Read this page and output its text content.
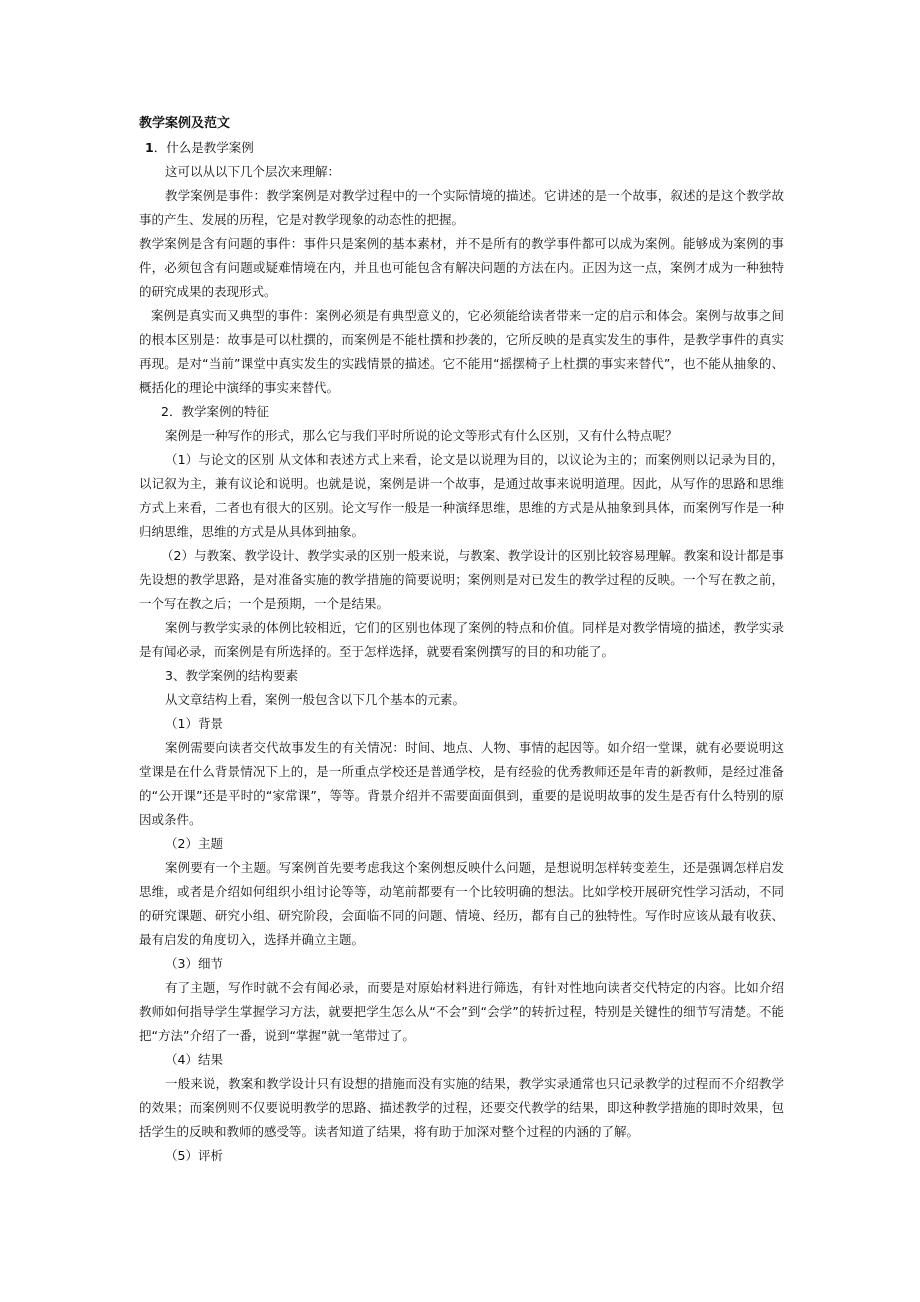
教学案例及范文
1．什么是教学案例
这可以从以下几个层次来理解：
教学案例是事件：教学案例是对教学过程中的一个实际情境的描述。它讲述的是一个故事，叙述的是这个教学故事的产生、发展的历程，它是对教学现象的动态性的把握。
教学案例是含有问题的事件：事件只是案例的基本素材，并不是所有的教学事件都可以成为案例。能够成为案例的事件，必须包含有问题或疑难情境在内，并且也可能包含有解决问题的方法在内。正因为这一点，案例才成为一种独特的研究成果的表现形式。
案例是真实而又典型的事件：案例必须是有典型意义的，它必须能给读者带来一定的启示和体会。案例与故事之间的根本区别是：故事是可以杜撰的，而案例是不能杜撰和抄袭的，它所反映的是真实发生的事件，是教学事件的真实再现。是对“当前”课堂中真实发生的实践情景的描述。它不能用“摇摆椅子上杜撰的事实来替代”，也不能从抽象的、概括化的理论中演绎的事实来替代。
2．教学案例的特征
案例是一种写作的形式，那么它与我们平时所说的论文等形式有什么区别，又有什么特点呢？
（1）与论文的区别 从文体和表述方式上来看，论文是以说理为目的，以议论为主的；而案例则以记录为目的，以记叙为主，兼有议论和说明。也就是说，案例是讲一个故事，是通过故事来说明道理。因此，从写作的思路和思维方式上来看，二者也有很大的区别。论文写作一般是一种演绎思维，思维的方式是从抽象到具体，而案例写作是一种归纳思维，思维的方式是从具体到抽象。
（2）与教案、教学设计、教学实录的区别一般来说，与教案、教学设计的区别比较容易理解。教案和设计都是事先设想的教学思路，是对准备实施的教学措施的简要说明；案例则是对已发生的教学过程的反映。一个写在教之前，一个写在教之后；一个是预期，一个是结果。
案例与教学实录的体例比较相近，它们的区别也体现了案例的特点和价值。同样是对教学情境的描述，教学实录是有闻必录，而案例是有所选择的。至于怎样选择，就要看案例撰写的目的和功能了。
3、教学案例的结构要素
从文章结构上看，案例一般包含以下几个基本的元素。
（1）背景
案例需要向读者交代故事发生的有关情况：时间、地点、人物、事情的起因等。如介绍一堂课，就有必要说明这堂课是在什么背景情况下上的，是一所重点学校还是普通学校，是有经验的优秀教师还是年青的新教师，是经过准备的“公开课”还是平时的“家常课”，等等。背景介绍并不需要面面俱到，重要的是说明故事的发生是否有什么特别的原因或条件。
（2）主题
案例要有一个主题。写案例首先要考虑我这个案例想反映什么问题，是想说明怎样转变差生，还是强调怎样启发思维，或者是介绍如何组织小组讨论等等，动笔前都要有一个比较明确的想法。比如学校开展研究性学习活动，不同的研究课题、研究小组、研究阶段，会面临不同的问题、情境、经历，都有自己的独特性。写作时应该从最有收获、最有启发的角度切入，选择并确立主题。
（3）细节
有了主题，写作时就不会有闻必录，而要是对原始材料进行筛选，有针对性地向读者交代特定的内容。比如介绍教师如何指导学生掌握学习方法，就要把学生怎么从“不会”到“会学”的转折过程，特别是关键性的细节写清楚。不能把“方法”介绍了一番，说到“掌握”就一笔带过了。
（4）结果
一般来说，教案和教学设计只有设想的措施而没有实施的结果，教学实录通常也只记录教学的过程而不介绍教学的效果；而案例则不仅要说明教学的思路、描述教学的过程，还要交代教学的结果，即这种教学措施的即时效果，包括学生的反映和教师的感受等。读者知道了结果，将有助于加深对整个过程的内涵的了解。
（5）评析
